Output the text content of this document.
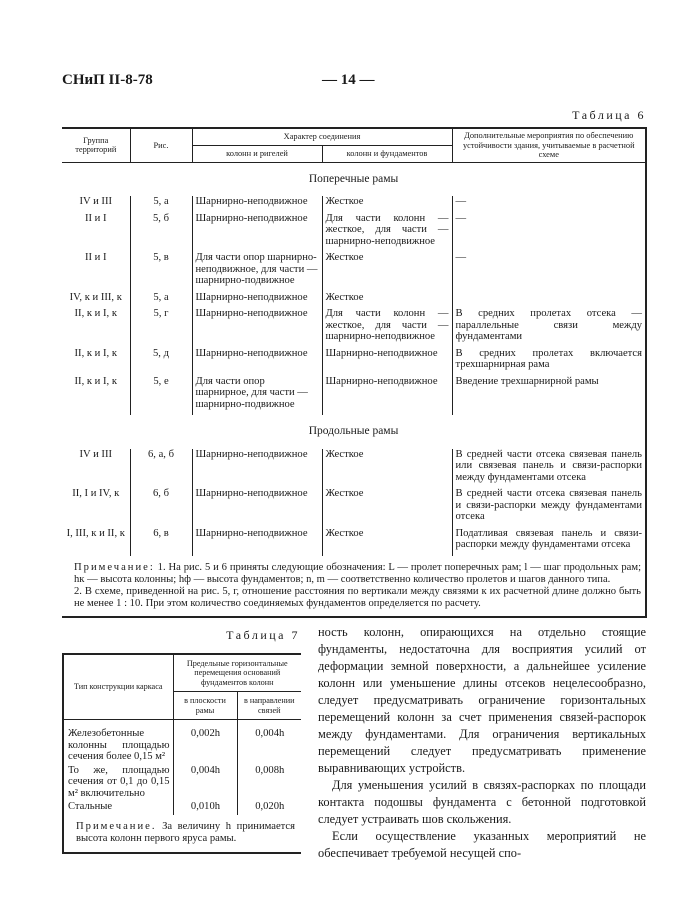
СНиП II-8-78	— 14 —
Таблица 6
Группа территорий	Рис.	Характер соединения		Дополнительные мероприятия по обеспечению устойчивости здания, учитываемые в расчетной схеме
		колонн и ригелей	колонн и фундаментов	
Поперечные рамы				
IV и III	5, а	Шарнирно-неподвижное	Жесткое	—
II и I	5, б	Шарнирно-неподвижное	Для части колонн — жесткое, для части — шарнирно-неподвижное	—
II и I	5, в	Для части опор шарнирно-неподвижное, для части — шарнирно-подвижное	Жесткое	—
IV, к и III, к	5, а	Шарнирно-неподвижное	Жесткое	
II, к и I, к	5, г	Шарнирно-неподвижное	Для части колонн — жесткое, для части — шарнирно-неподвижное	В средних пролетах отсека — параллельные связи между фундаментами
II, к и I, к	5, д	Шарнирно-неподвижное	Шарнирно-неподвижное	В средних пролетах включается трехшарнирная рама
II, к и I, к	5, е	Для части опор шарнирное, для части — шарнирно-подвижное	Шарнирно-неподвижное	Введение трехшарнирной рамы
Продольные рамы				
IV и III	6, а, б	Шарнирно-неподвижное	Жесткое	В средней части отсека связевая панель или связевая панель и связи-распорки между фундаментами отсека
II, I и IV, к	6, б	Шарнирно-неподвижное	Жесткое	В средней части отсека связевая панель и связи-распорки между фундаментами отсека
I, III, к и II, к	6, в	Шарнирно-неподвижное	Жесткое	Податливая связевая панель и связи-распорки между фундаментами отсека
Примечание: 1. На рис. 5 и 6 приняты следующие обозначения: L — пролет поперечных рам; l — шаг продольных рам; hк — высота колонны; hф — высота фундаментов; n, m — соответственно количество пролетов и шагов данного типа.
2. В схеме, приведенной на рис. 5, г, отношение расстояния по вертикали между связями к их расчетной длине должно быть не менее 1 : 10. При этом количество соединяемых фундаментов определяется по расчету.				
Таблица 7
Тип конструкции каркаса	Предельные горизонтальные перемещения оснований фундаментов колонн	
	в плоскости рамы	в направлении связей
Железобетонные колонны площадью сечения более 0,15 м²	0,002h	0,004h
То же, площадью сечения от 0,1 до 0,15 м² включительно	0,004h	0,008h
Стальные	0,010h	0,020h
Примечание. За величину h принимается высота колонн первого яруса рамы.		

ность колонн, опирающихся на отдельно стоящие фундаменты, недостаточна для восприятия усилий от деформации земной поверхности, а дальнейшее усиление колонн или уменьшение длины отсеков нецелесообразно, следует предусматривать ограничение горизонтальных перемещений колонн за счет применения связей-распорок между фундаментами. Для ограничения вертикальных перемещений следует предусматривать применение выравнивающих устройств.

Для уменьшения усилий в связях-распорках по площади контакта подошвы фундамента с бетонной подготовкой следует устраивать шов скольжения.

Если осуществление указанных мероприятий не обеспечивает требуемой несущей спо-
